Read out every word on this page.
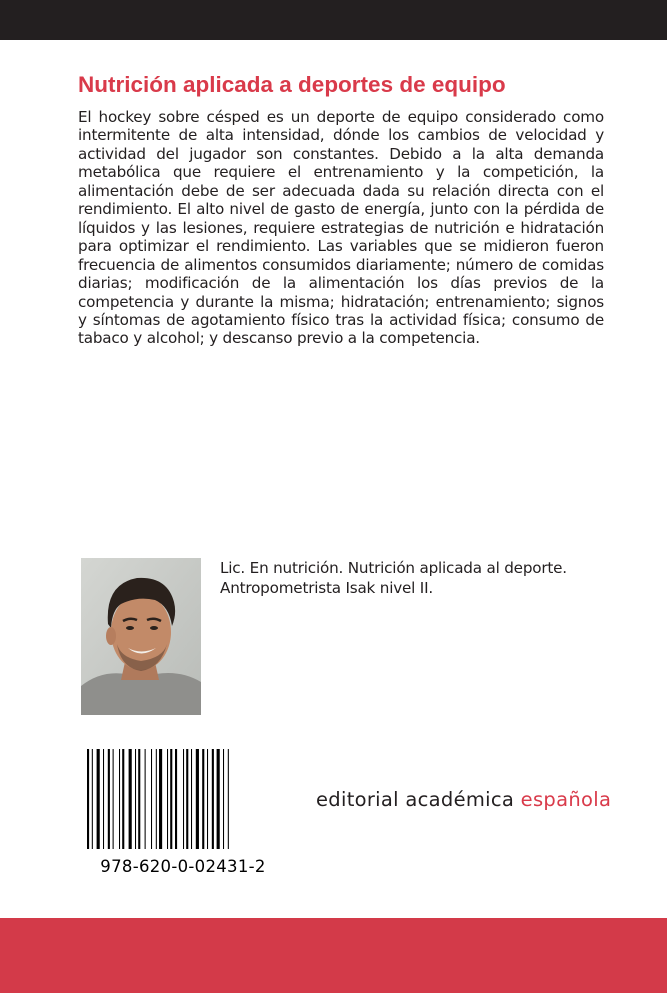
Nutrición aplicada a deportes de equipo
El hockey sobre césped es un deporte de equipo considerado como intermitente de alta intensidad, dónde los cambios de velocidad y actividad del jugador son constantes. Debido a la alta demanda metabólica que requiere el entrenamiento y la competición, la alimentación debe de ser adecuada dada su relación directa con el rendimiento. El alto nivel de gasto de energía, junto con la pérdida de líquidos y las lesiones, requiere estrategias de nutrición e hidratación para optimizar el rendimiento. Las variables que se midieron fueron frecuencia de alimentos consumidos diariamente; número de comidas diarias; modificación de la alimentación los días previos de la competencia y durante la misma; hidratación; entrenamiento; signos y síntomas de agotamiento físico tras la actividad física; consumo de tabaco y alcohol; y descanso previo a la competencia.
Lic. En nutrición. Nutrición aplicada al deporte.
Antropometrista Isak nivel II.
978-620-0-02431-2
editorial académica española
